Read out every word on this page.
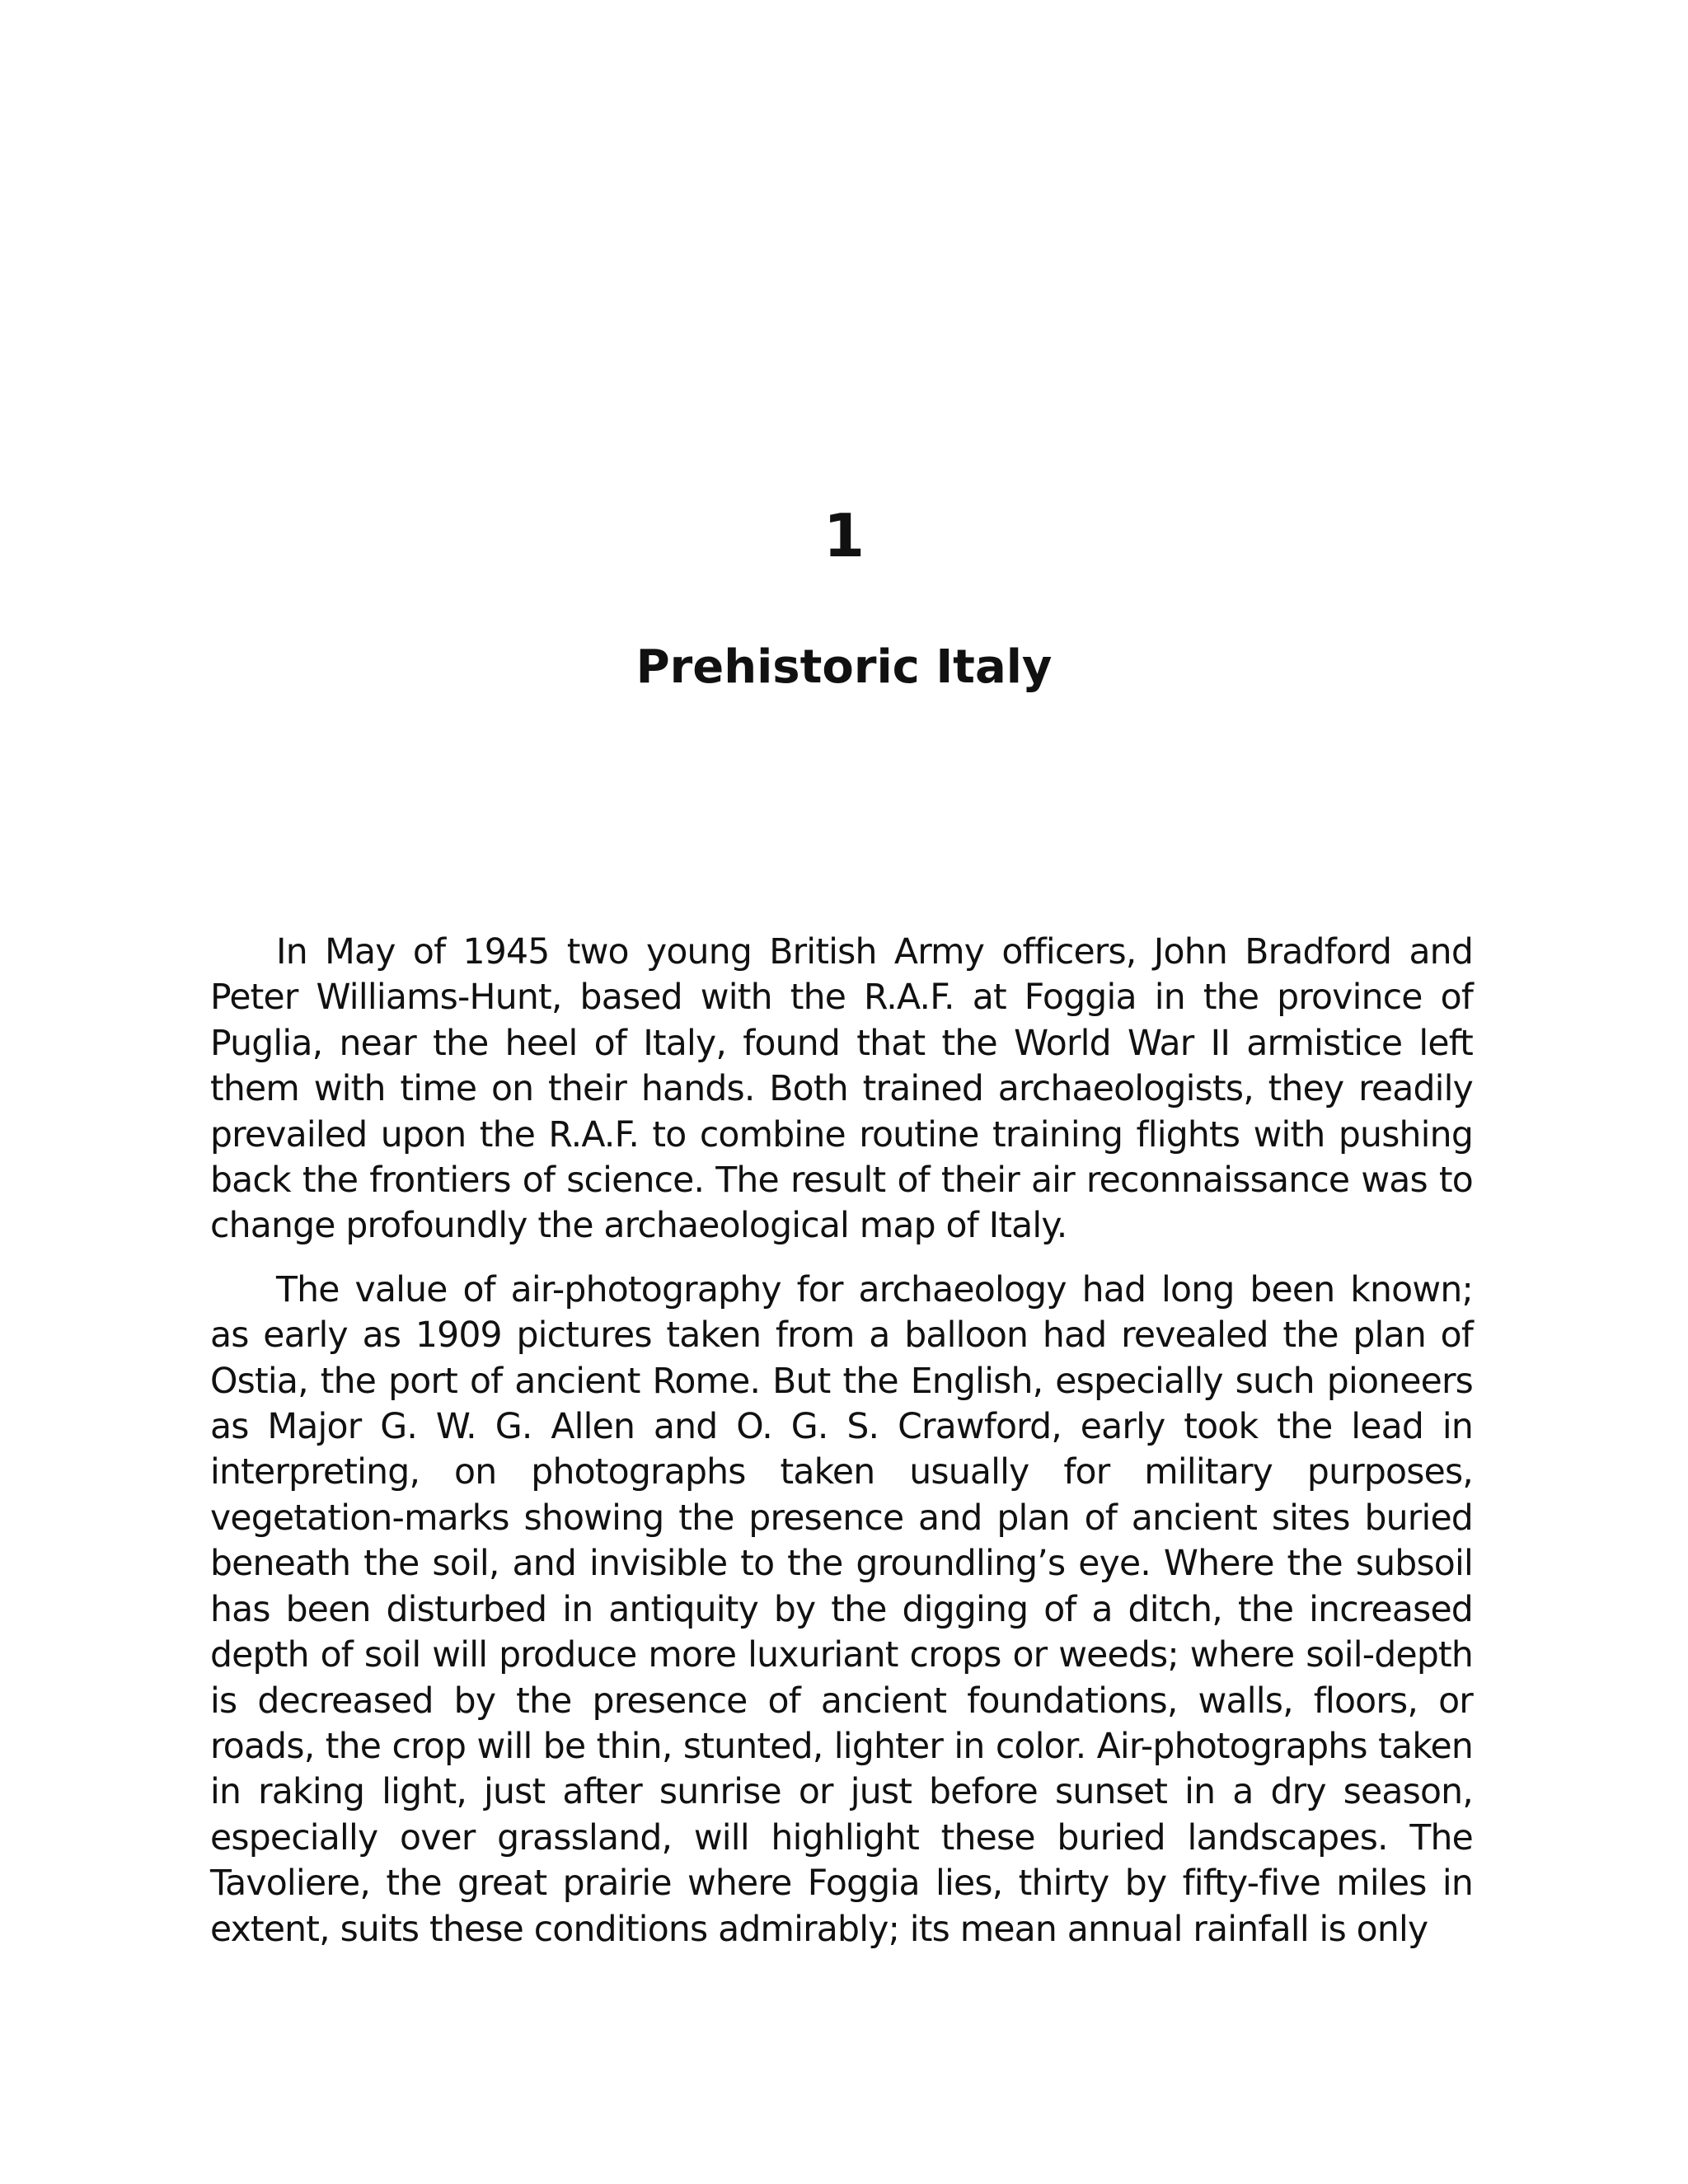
1
Prehistoric Italy

In May of 1945 two young British Army officers, John Bradford and Peter Williams-Hunt, based with the R.A.F. at Foggia in the province of Puglia, near the heel of Italy, found that the World War II armistice left them with time on their hands. Both trained archaeologists, they readily prevailed upon the R.A.F. to combine routine training flights with pushing back the frontiers of science. The result of their air reconnaissance was to change profoundly the archaeological map of Italy.

The value of air-photography for archaeology had long been known; as early as 1909 pictures taken from a balloon had revealed the plan of Ostia, the port of ancient Rome. But the English, especially such pioneers as Major G. W. G. Allen and O. G. S. Crawford, early took the lead in interpreting, on photographs taken usually for military purposes, vegetation-marks showing the presence and plan of ancient sites buried beneath the soil, and invisible to the groundling’s eye. Where the subsoil has been disturbed in antiquity by the digging of a ditch, the increased depth of soil will produce more luxuriant crops or weeds; where soil-depth is decreased by the presence of ancient foundations, walls, floors, or roads, the crop will be thin, stunted, lighter in color. Air-photographs taken in raking light, just after sunrise or just before sunset in a dry season, especially over grassland, will highlight these buried landscapes. The Tavoliere, the great prairie where Foggia lies, thirty by fifty-five miles in extent, suits these conditions admirably; its mean annual rainfall is only
